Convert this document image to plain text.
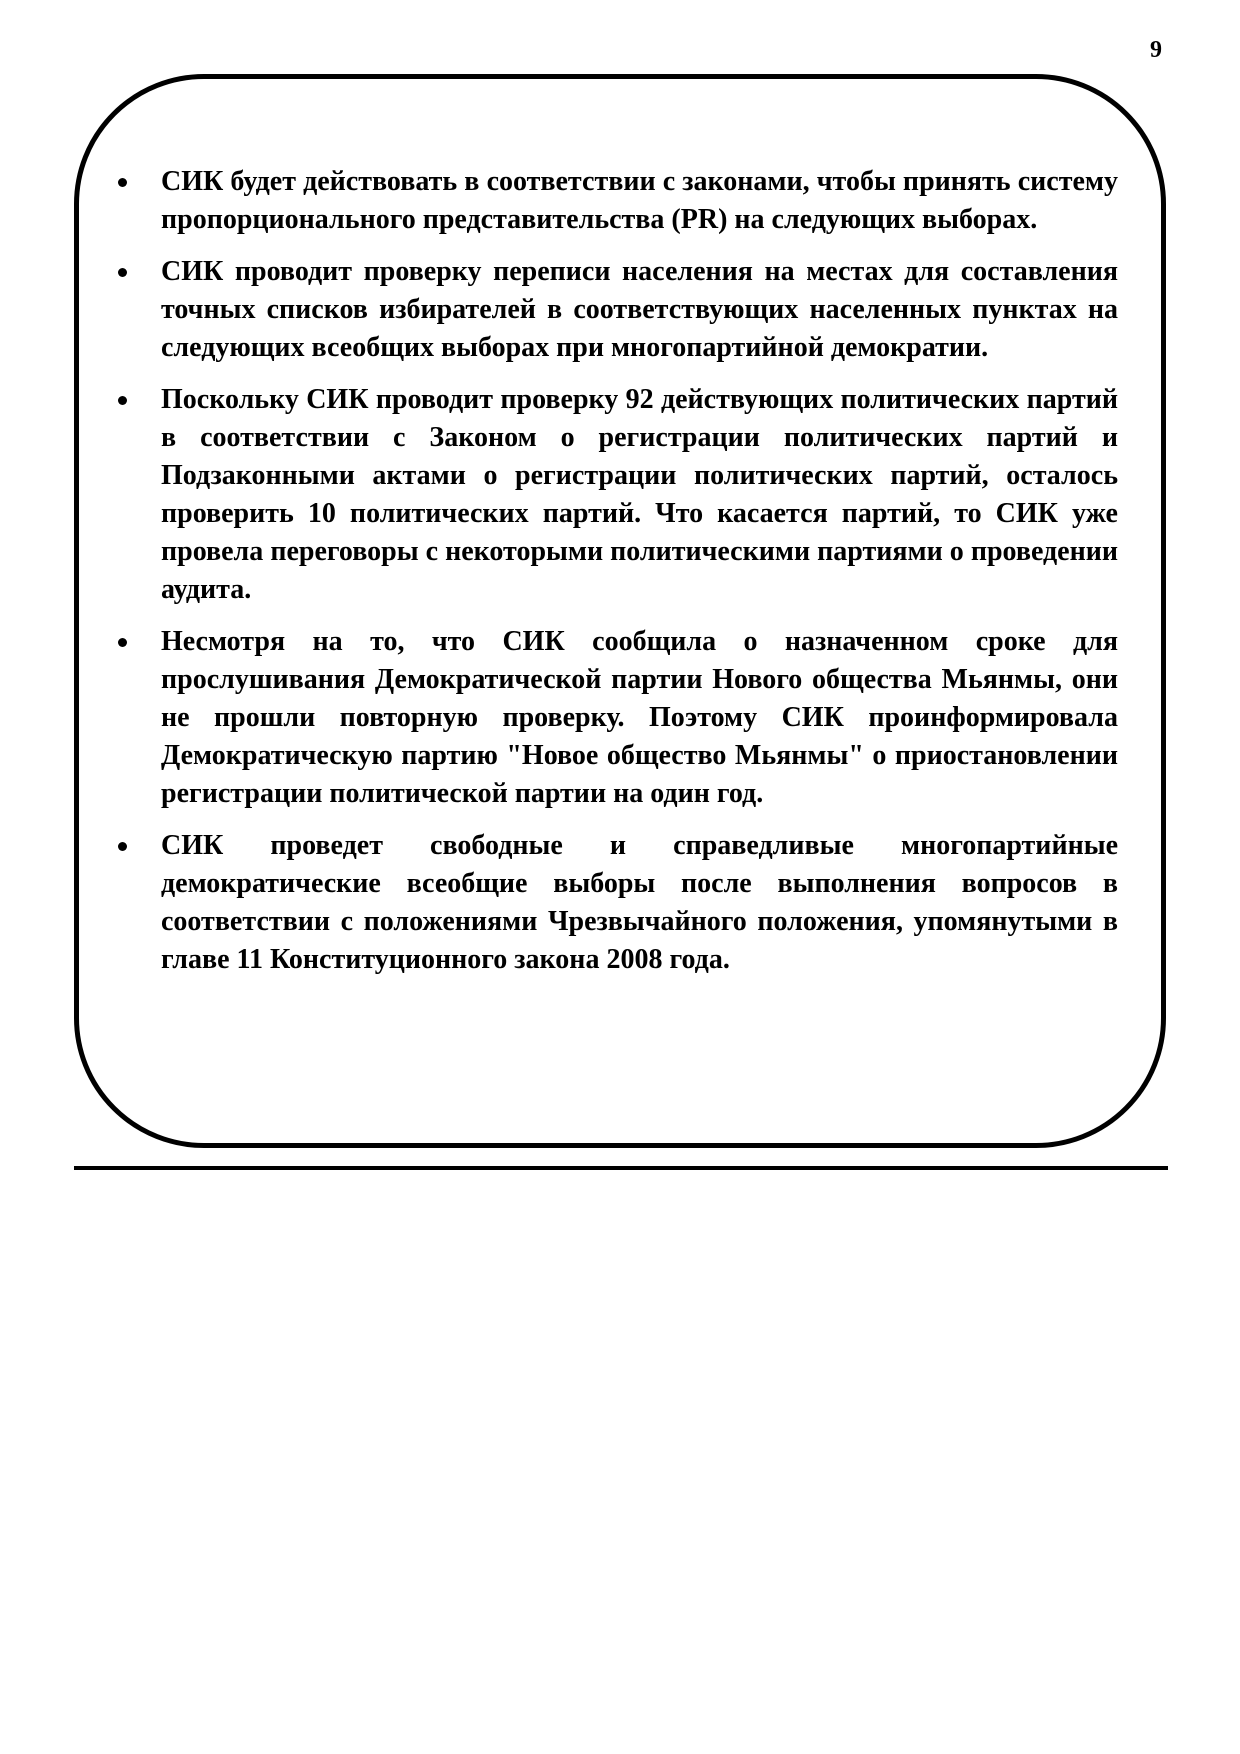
9
СИК будет действовать в соответствии с законами, чтобы принять систему пропорционального представительства (PR) на следующих выборах.
СИК проводит проверку переписи населения на местах для составления точных списков избирателей в соответствующих населенных пунктах на следующих всеобщих выборах при многопартийной демократии.
Поскольку СИК проводит проверку 92 действующих политических партий в соответствии с Законом о регистрации политических партий и Подзаконными актами о регистрации политических партий, осталось проверить 10 политических партий. Что касается партий, то СИК уже провела переговоры с некоторыми политическими партиями о проведении аудита.
Несмотря на то, что СИК сообщила о назначенном сроке для прослушивания Демократической партии Нового общества Мьянмы, они не прошли повторную проверку. Поэтому СИК проинформировала Демократическую партию "Новое общество Мьянмы" о приостановлении регистрации политической партии на один год.
СИК проведет свободные и справедливые многопартийные демократические всеобщие выборы после выполнения вопросов в соответствии с положениями Чрезвычайного положения, упомянутыми в главе 11 Конституционного закона 2008 года.
